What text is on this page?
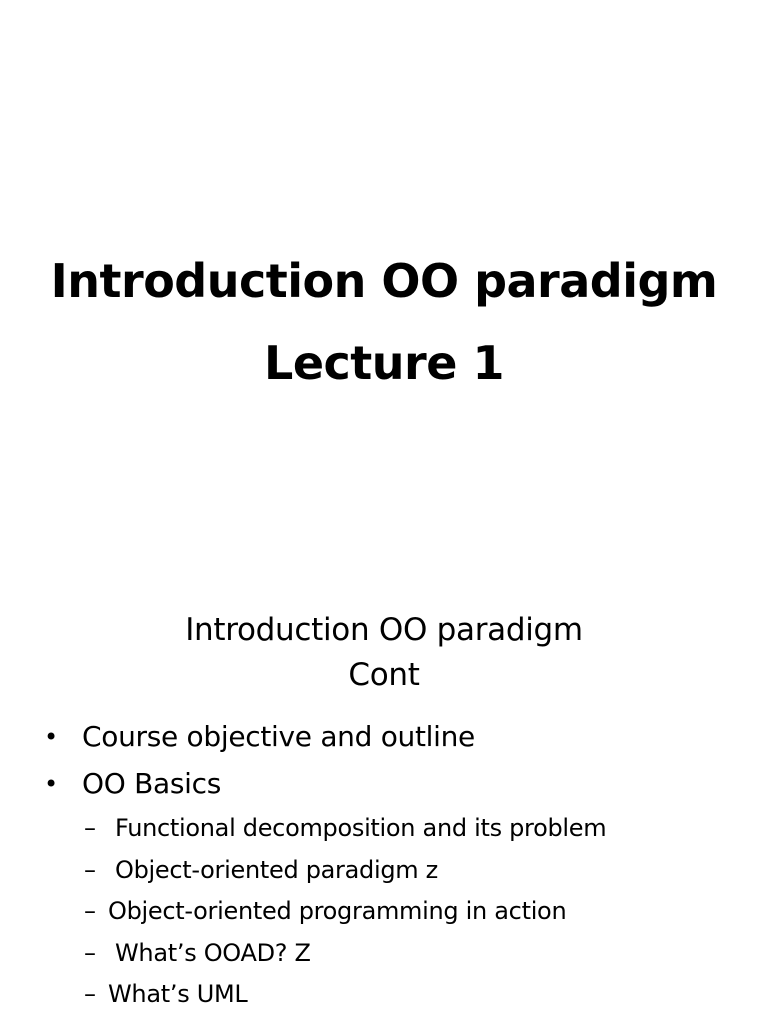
Introduction OO paradigm
Lecture 1
Introduction OO paradigm
Cont
• Course objective and outline
• OO Basics
– Functional decomposition and its problem
– Object-oriented paradigm z
– Object-oriented programming in action
– What’s OOAD? Z
– What’s UML
